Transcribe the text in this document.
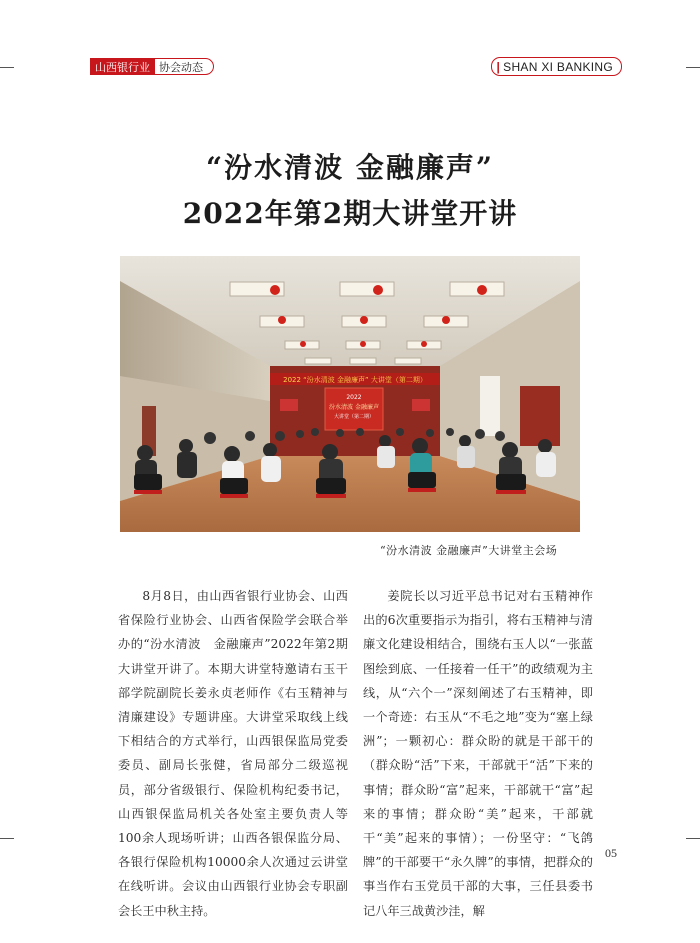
山西银行业 协会动态	| SHAN XI BANKING
“汾水清波 金融廉声”
2022年第2期大讲堂开讲
2022 “汾水清波 金融廉声” 大讲堂（第二期）
2022
汾水清波 金融廉声
大讲堂（第二期）
“汾水清波 金融廉声”大讲堂主会场

8月8日，由山西省银行业协会、山西省保险行业协会、山西省保险学会联合举办的“汾水清波　金融廉声”2022年第2期大讲堂开讲了。本期大讲堂特邀请右玉干部学院副院长姜永贞老师作《右玉精神与清廉建设》专题讲座。大讲堂采取线上线下相结合的方式举行，山西银保监局党委委员、副局长张健，省局部分二级巡视员，部分省级银行、保险机构纪委书记，山西银保监局机关各处室主要负责人等100余人现场听讲；山西各银保监分局、各银行保险机构10000余人次通过云讲堂在线听讲。会议由山西银行业协会专职副会长王中秋主持。

姜院长以习近平总书记对右玉精神作出的6次重要指示为指引，将右玉精神与清廉文化建设相结合，围绕右玉人以“一张蓝图绘到底、一任接着一任干”的政绩观为主线，从“六个一”深刻阐述了右玉精神，即一个奇迹：右玉从“不毛之地”变为“塞上绿洲”；一颗初心：群众盼的就是干部干的（群众盼“活”下来，干部就干“活”下来的事情；群众盼“富”起来，干部就干“富”起来的事情；群众盼“美”起来，干部就干“美”起来的事情）；一份坚守：“飞鸽牌”的干部要干“永久牌”的事情，把群众的事当作右玉党员干部的大事，三任县委书记八年三战黄沙洼，解

05
